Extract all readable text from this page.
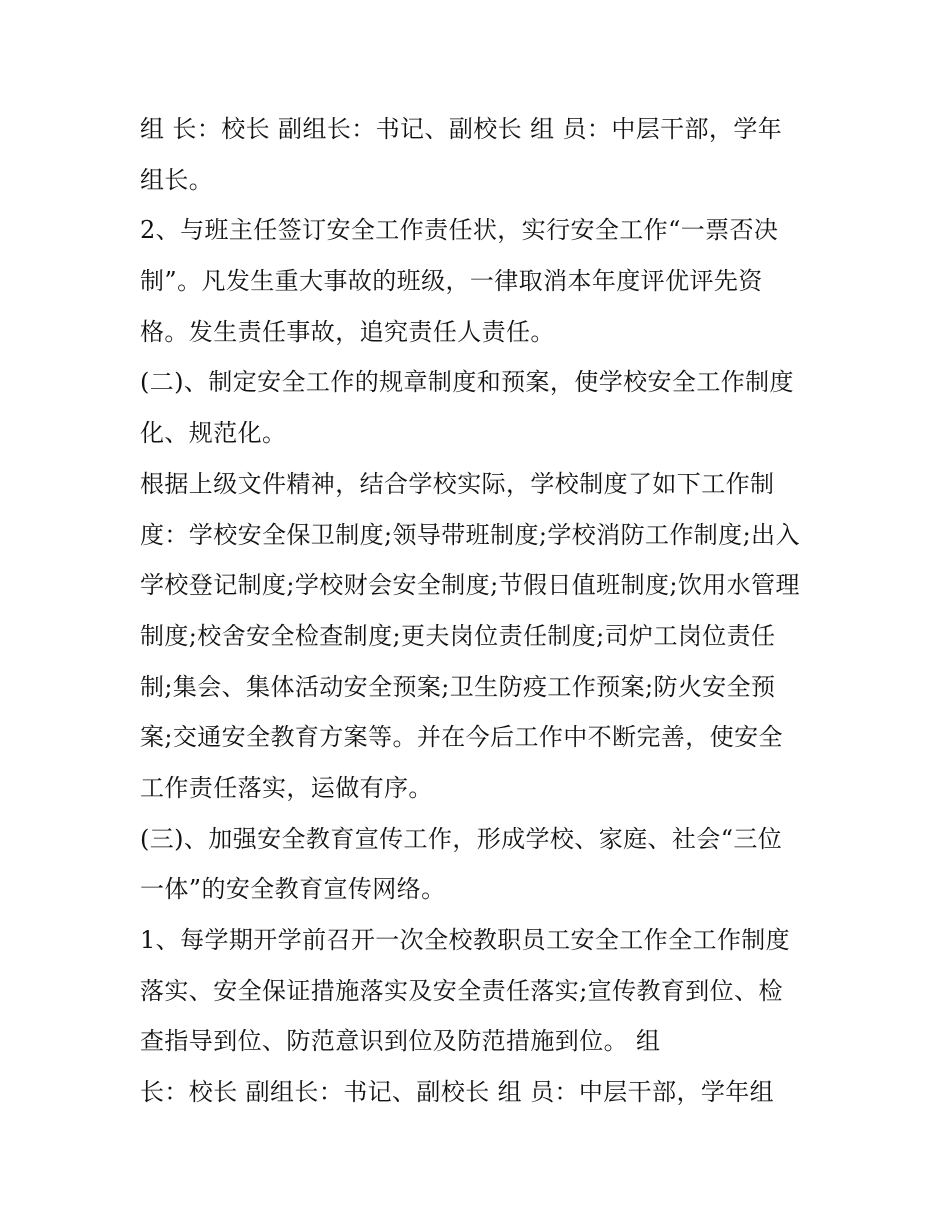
组 长：校长 副组长：书记、副校长 组 员：中层干部，学年
组长。
2、与班主任签订安全工作责任状，实行安全工作“一票否决
制”。凡发生重大事故的班级，一律取消本年度评优评先资
格。发生责任事故，追究责任人责任。
(二)、制定安全工作的规章制度和预案，使学校安全工作制度
化、规范化。
根据上级文件精神，结合学校实际，学校制度了如下工作制
度：学校安全保卫制度;领导带班制度;学校消防工作制度;出入
学校登记制度;学校财会安全制度;节假日值班制度;饮用水管理
制度;校舍安全检查制度;更夫岗位责任制度;司炉工岗位责任
制;集会、集体活动安全预案;卫生防疫工作预案;防火安全预
案;交通安全教育方案等。并在今后工作中不断完善，使安全
工作责任落实，运做有序。
(三)、加强安全教育宣传工作，形成学校、家庭、社会“三位
一体”的安全教育宣传网络。
1、每学期开学前召开一次全校教职员工安全工作全工作制度
落实、安全保证措施落实及安全责任落实;宣传教育到位、检
查指导到位、防范意识到位及防范措施到位。 组
长：校长 副组长：书记、副校长 组 员：中层干部，学年组
